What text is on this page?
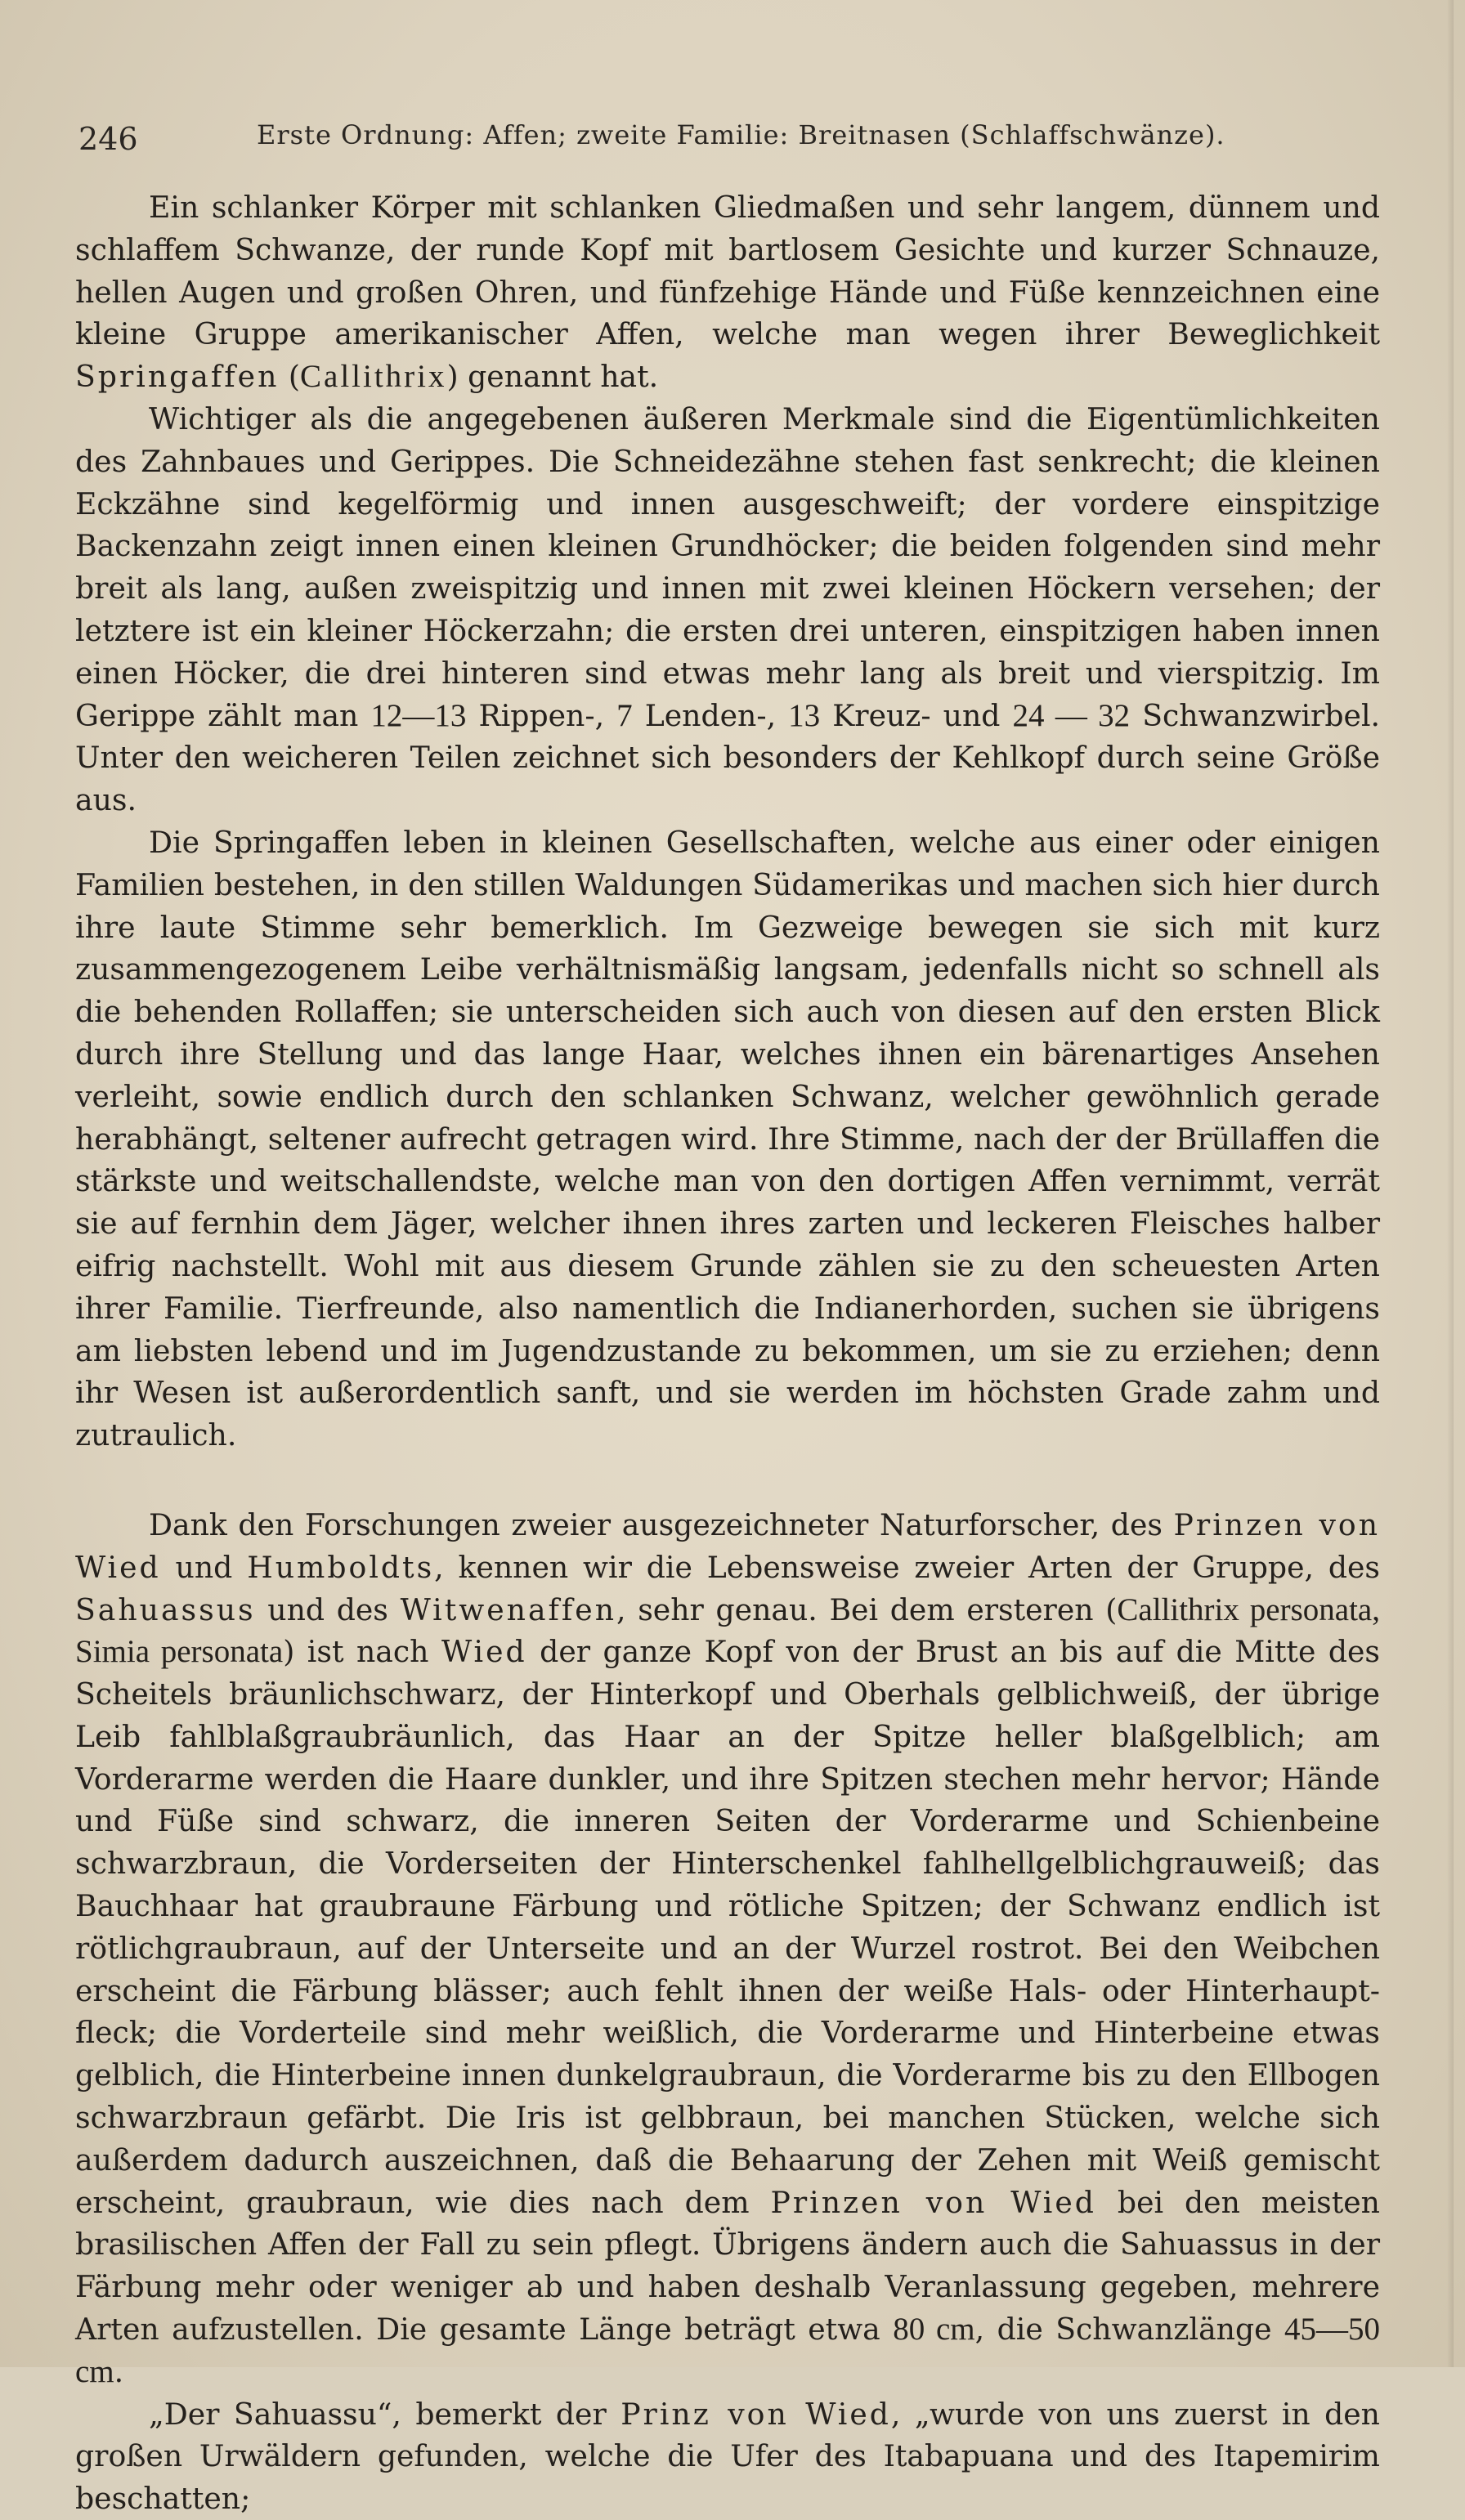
246	Erste Ordnung: Affen; zweite Familie: Breitnasen (Schlaffschwänze).

Ein schlanker Körper mit schlanken Gliedmaßen und sehr langem, dünnem und schlaffem Schwanze, der runde Kopf mit bartlosem Gesichte und kurzer Schnauze, hellen Augen und großen Ohren, und fünfzehige Hände und Füße kennzeichnen eine kleine Gruppe amerikanischer Affen, welche man wegen ihrer Beweglichkeit Springaffen (Callithrix) genannt hat.

Wichtiger als die angegebenen äußeren Merkmale sind die Eigentümlichkeiten des Zahnbaues und Gerippes. Die Schneidezähne stehen fast senkrecht; die kleinen Eckzähne sind kegelförmig und innen ausgeschweift; der vordere einspitzige Backenzahn zeigt innen einen kleinen Grundhöcker; die beiden folgenden sind mehr breit als lang, außen zweispitzig und innen mit zwei kleinen Höckern versehen; der letztere ist ein kleiner Höckerzahn; die ersten drei unteren, einspitzigen haben innen einen Höcker, die drei hinteren sind etwas mehr lang als breit und vierspitzig. Im Gerippe zählt man 12—13 Rippen-, 7 Lenden-, 13 Kreuz- und 24 — 32 Schwanzwirbel. Unter den weicheren Teilen zeichnet sich besonders der Kehlkopf durch seine Größe aus.

Die Springaffen leben in kleinen Gesellschaften, welche aus einer oder einigen Familien bestehen, in den stillen Waldungen Südamerikas und machen sich hier durch ihre laute Stimme sehr bemerklich. Im Gezweige bewegen sie sich mit kurz zusammengezogenem Leibe verhältnismäßig langsam, jedenfalls nicht so schnell als die behenden Rollaffen; sie unterscheiden sich auch von diesen auf den ersten Blick durch ihre Stellung und das lange Haar, welches ihnen ein bärenartiges Ansehen verleiht, sowie endlich durch den schlanken Schwanz, welcher gewöhnlich gerade herabhängt, seltener aufrecht getragen wird. Ihre Stimme, nach der der Brüllaffen die stärkste und weitschallendste, welche man von den dortigen Affen vernimmt, verrät sie auf fernhin dem Jäger, welcher ihnen ihres zarten und leckeren Fleisches halber eifrig nachstellt. Wohl mit aus diesem Grunde zählen sie zu den scheuesten Arten ihrer Familie. Tierfreunde, also namentlich die Indianerhorden, suchen sie übrigens am liebsten lebend und im Jugendzustande zu bekommen, um sie zu erziehen; denn ihr Wesen ist außerordentlich sanft, und sie werden im höchsten Grade zahm und zutraulich.

Dank den Forschungen zweier ausgezeichneter Naturforscher, des Prinzen von Wied und Humboldts, kennen wir die Lebensweise zweier Arten der Gruppe, des Sahuassus und des Witwenaffen, sehr genau. Bei dem ersteren (Callithrix personata, Simia personata) ist nach Wied der ganze Kopf von der Brust an bis auf die Mitte des Scheitels bräunlichschwarz, der Hinterkopf und Oberhals gelblichweiß, der übrige Leib fahlblaßgraubräunlich, das Haar an der Spitze heller blaßgelblich; am Vorderarme werden die Haare dunkler, und ihre Spitzen stechen mehr hervor; Hände und Füße sind schwarz, die inneren Seiten der Vorderarme und Schienbeine schwarzbraun, die Vorderseiten der Hinterschenkel fahlhellgelblichgrauweiß; das Bauchhaar hat graubraune Färbung und rötliche Spitzen; der Schwanz endlich ist rötlichgraubraun, auf der Unterseite und an der Wurzel rostrot. Bei den Weibchen erscheint die Färbung blässer; auch fehlt ihnen der weiße Hals- oder Hinterhauptfleck; die Vorderteile sind mehr weißlich, die Vorderarme und Hinterbeine etwas gelblich, die Hinterbeine innen dunkelgraubraun, die Vorderarme bis zu den Ellbogen schwarzbraun gefärbt. Die Iris ist gelbbraun, bei manchen Stücken, welche sich außerdem dadurch auszeichnen, daß die Behaarung der Zehen mit Weiß gemischt erscheint, graubraun, wie dies nach dem Prinzen von Wied bei den meisten brasilischen Affen der Fall zu sein pflegt. Übrigens ändern auch die Sahuassus in der Färbung mehr oder weniger ab und haben deshalb Veranlassung gegeben, mehrere Arten aufzustellen. Die gesamte Länge beträgt etwa 80 cm, die Schwanzlänge 45—50 cm.

„Der Sahuassu“, bemerkt der Prinz von Wied, „wurde von uns zuerst in den großen Urwäldern gefunden, welche die Ufer des Itabapuana und des Itapemirim beschatten;
